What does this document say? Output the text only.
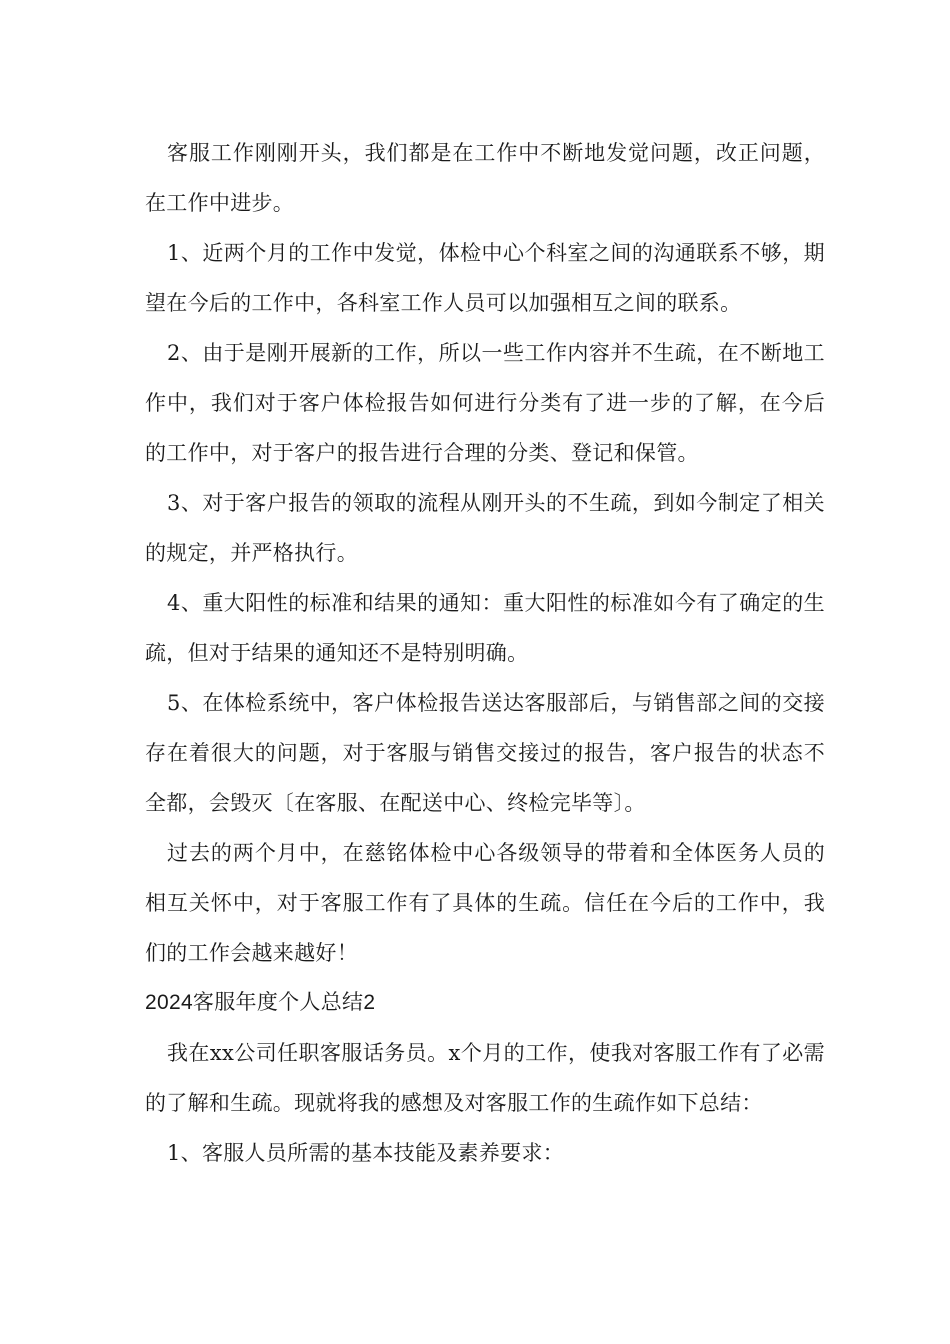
客服工作刚刚开头，我们都是在工作中不断地发觉问题，改正问题，在工作中进步。

1、近两个月的工作中发觉，体检中心个科室之间的沟通联系不够，期望在今后的工作中，各科室工作人员可以加强相互之间的联系。

2、由于是刚开展新的工作，所以一些工作内容并不生疏，在不断地工作中，我们对于客户体检报告如何进行分类有了进一步的了解，在今后的工作中，对于客户的报告进行合理的分类、登记和保管。

3、对于客户报告的领取的流程从刚开头的不生疏，到如今制定了相关的规定，并严格执行。

4、重大阳性的标准和结果的通知：重大阳性的标准如今有了确定的生疏，但对于结果的通知还不是特别明确。

5、在体检系统中，客户体检报告送达客服部后，与销售部之间的交接存在着很大的问题，对于客服与销售交接过的报告，客户报告的状态不全都，会毁灭〔在客服、在配送中心、终检完毕等〕。

过去的两个月中，在慈铭体检中心各级领导的带着和全体医务人员的相互关怀中，对于客服工作有了具体的生疏。信任在今后的工作中，我们的工作会越来越好！

2024客服年度个人总结2

我在xx公司任职客服话务员。x个月的工作，使我对客服工作有了必需的了解和生疏。现就将我的感想及对客服工作的生疏作如下总结：

1、客服人员所需的基本技能及素养要求：
